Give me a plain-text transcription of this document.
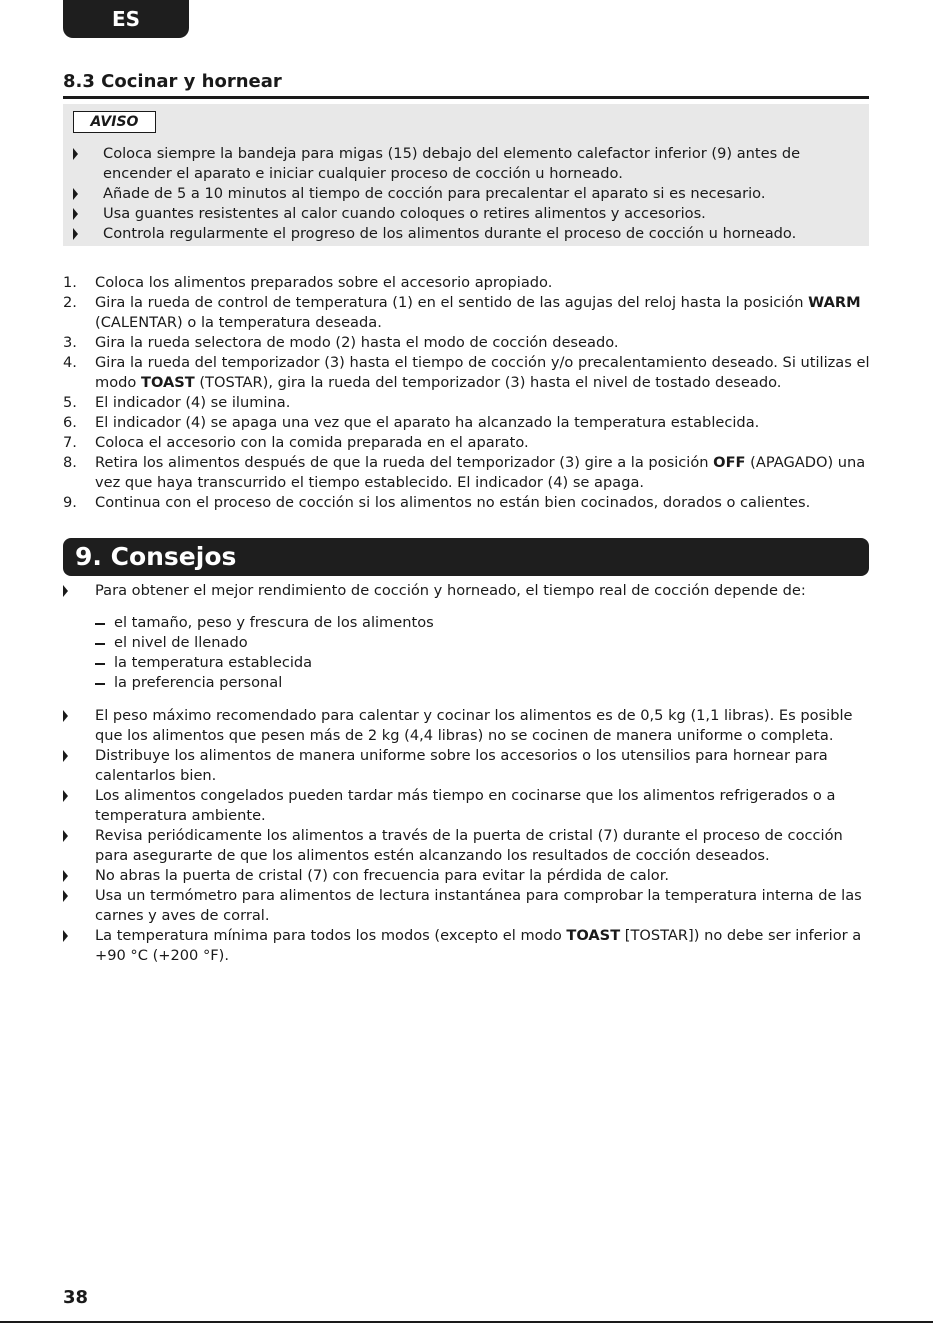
ES
8.3 Cocinar y hornear
AVISO
Coloca siempre la bandeja para migas (15) debajo del elemento calefactor inferior (9) antes de encender el aparato e iniciar cualquier proceso de cocción u horneado.
Añade de 5 a 10 minutos al tiempo de cocción para precalentar el aparato si es necesario.
Usa guantes resistentes al calor cuando coloques o retires alimentos y accesorios.
Controla regularmente el progreso de los alimentos durante el proceso de cocción u horneado.
1. Coloca los alimentos preparados sobre el accesorio apropiado.
2. Gira la rueda de control de temperatura (1) en el sentido de las agujas del reloj hasta la posición WARM (CALENTAR) o la temperatura deseada.
3. Gira la rueda selectora de modo (2) hasta el modo de cocción deseado.
4. Gira la rueda del temporizador (3) hasta el tiempo de cocción y/o precalentamiento deseado. Si utilizas el modo TOAST (TOSTAR), gira la rueda del temporizador (3) hasta el nivel de tostado deseado.
5. El indicador (4) se ilumina.
6. El indicador (4) se apaga una vez que el aparato ha alcanzado la temperatura establecida.
7. Coloca el accesorio con la comida preparada en el aparato.
8. Retira los alimentos después de que la rueda del temporizador (3) gire a la posición OFF (APAGADO) una vez que haya transcurrido el tiempo establecido. El indicador (4) se apaga.
9. Continua con el proceso de cocción si los alimentos no están bien cocinados, dorados o calientes.
9. Consejos
Para obtener el mejor rendimiento de cocción y horneado, el tiempo real de cocción depende de:
el tamaño, peso y frescura de los alimentos
el nivel de llenado
la temperatura establecida
la preferencia personal
El peso máximo recomendado para calentar y cocinar los alimentos es de 0,5 kg (1,1 libras). Es posible que los alimentos que pesen más de 2 kg (4,4 libras) no se cocinen de manera uniforme o completa.
Distribuye los alimentos de manera uniforme sobre los accesorios o los utensilios para hornear para calentarlos bien.
Los alimentos congelados pueden tardar más tiempo en cocinarse que los alimentos refrigerados o a temperatura ambiente.
Revisa periódicamente los alimentos a través de la puerta de cristal (7) durante el proceso de cocción para asegurarte de que los alimentos estén alcanzando los resultados de cocción deseados.
No abras la puerta de cristal (7) con frecuencia para evitar la pérdida de calor.
Usa un termómetro para alimentos de lectura instantánea para comprobar la temperatura interna de las carnes y aves de corral.
La temperatura mínima para todos los modos (excepto el modo TOAST [TOSTAR]) no debe ser inferior a +90 °C (+200 °F).
38
